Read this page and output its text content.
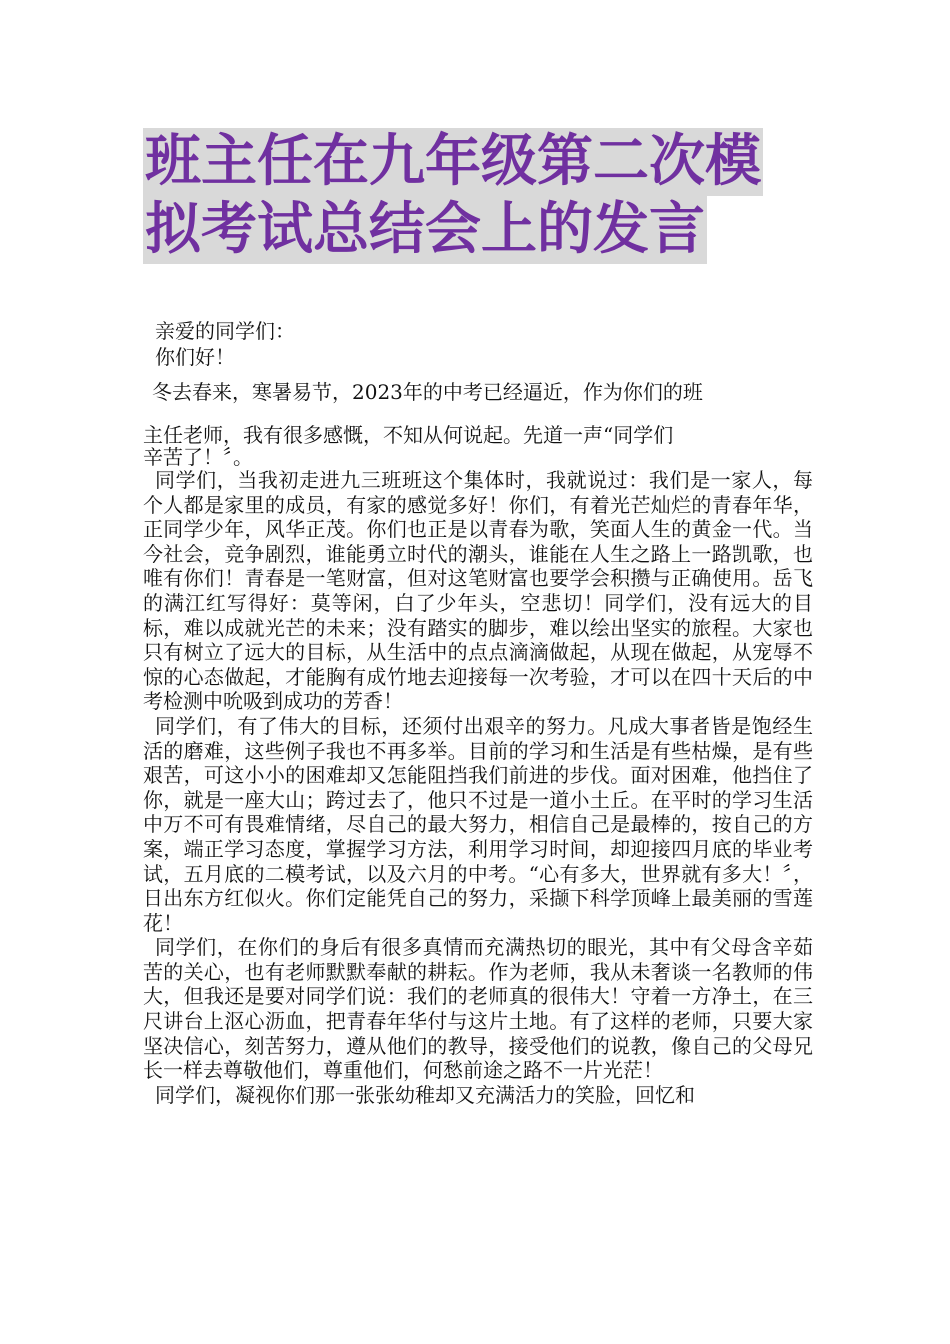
班主任在九年级第二次模
拟考试总结会上的发言

亲爱的同学们：

你们好！

冬去春来，寒暑易节，2023年的中考已经逼近，作为你们的班
主任老师，我有很多感慨，不知从何说起。先道一声“同学们
辛苦了！〞。

同学们，当我初走进九三班班这个集体时，我就说过：我们是一家人，每个人都是家里的成员，有家的感觉多好！你们，有着光芒灿烂的青春年华，正同学少年，风华正茂。你们也正是以青春为歌，笑面人生的黄金一代。当今社会，竞争剧烈，谁能勇立时代的潮头，谁能在人生之路上一路凯歌，也唯有你们！青春是一笔财富，但对这笔财富也要学会积攒与正确使用。岳飞的满江红写得好：莫等闲，白了少年头，空悲切！同学们，没有远大的目标，难以成就光芒的未来；没有踏实的脚步，难以绘出坚实的旅程。大家也只有树立了远大的目标，从生活中的点点滴滴做起，从现在做起，从宠辱不惊的心态做起，才能胸有成竹地去迎接每一次考验，才可以在四十天后的中考检测中吮吸到成功的芳香！

同学们，有了伟大的目标，还须付出艰辛的努力。凡成大事者皆是饱经生活的磨难，这些例子我也不再多举。目前的学习和生活是有些枯燥，是有些艰苦，可这小小的困难却又怎能阻挡我们前进的步伐。面对困难，他挡住了你，就是一座大山；跨过去了，他只不过是一道小土丘。在平时的学习生活中万不可有畏难情绪，尽自己的最大努力，相信自己是最棒的，按自己的方案，端正学习态度，掌握学习方法，利用学习时间，却迎接四月底的毕业考试，五月底的二模考试，以及六月的中考。“心有多大，世界就有多大！〞，日出东方红似火。你们定能凭自己的努力，采撷下科学顶峰上最美丽的雪莲花！

同学们，在你们的身后有很多真情而充满热切的眼光，其中有父母含辛茹苦的关心，也有老师默默奉献的耕耘。作为老师，我从未奢谈一名教师的伟大，但我还是要对同学们说：我们的老师真的很伟大！守着一方净土，在三尺讲台上沤心沥血，把青春年华付与这片土地。有了这样的老师，只要大家坚决信心，刻苦努力，遵从他们的教导，接受他们的说教，像自己的父母兄长一样去尊敬他们，尊重他们，何愁前途之路不一片光茫！

同学们，凝视你们那一张张幼稚却又充满活力的笑脸，回忆和
